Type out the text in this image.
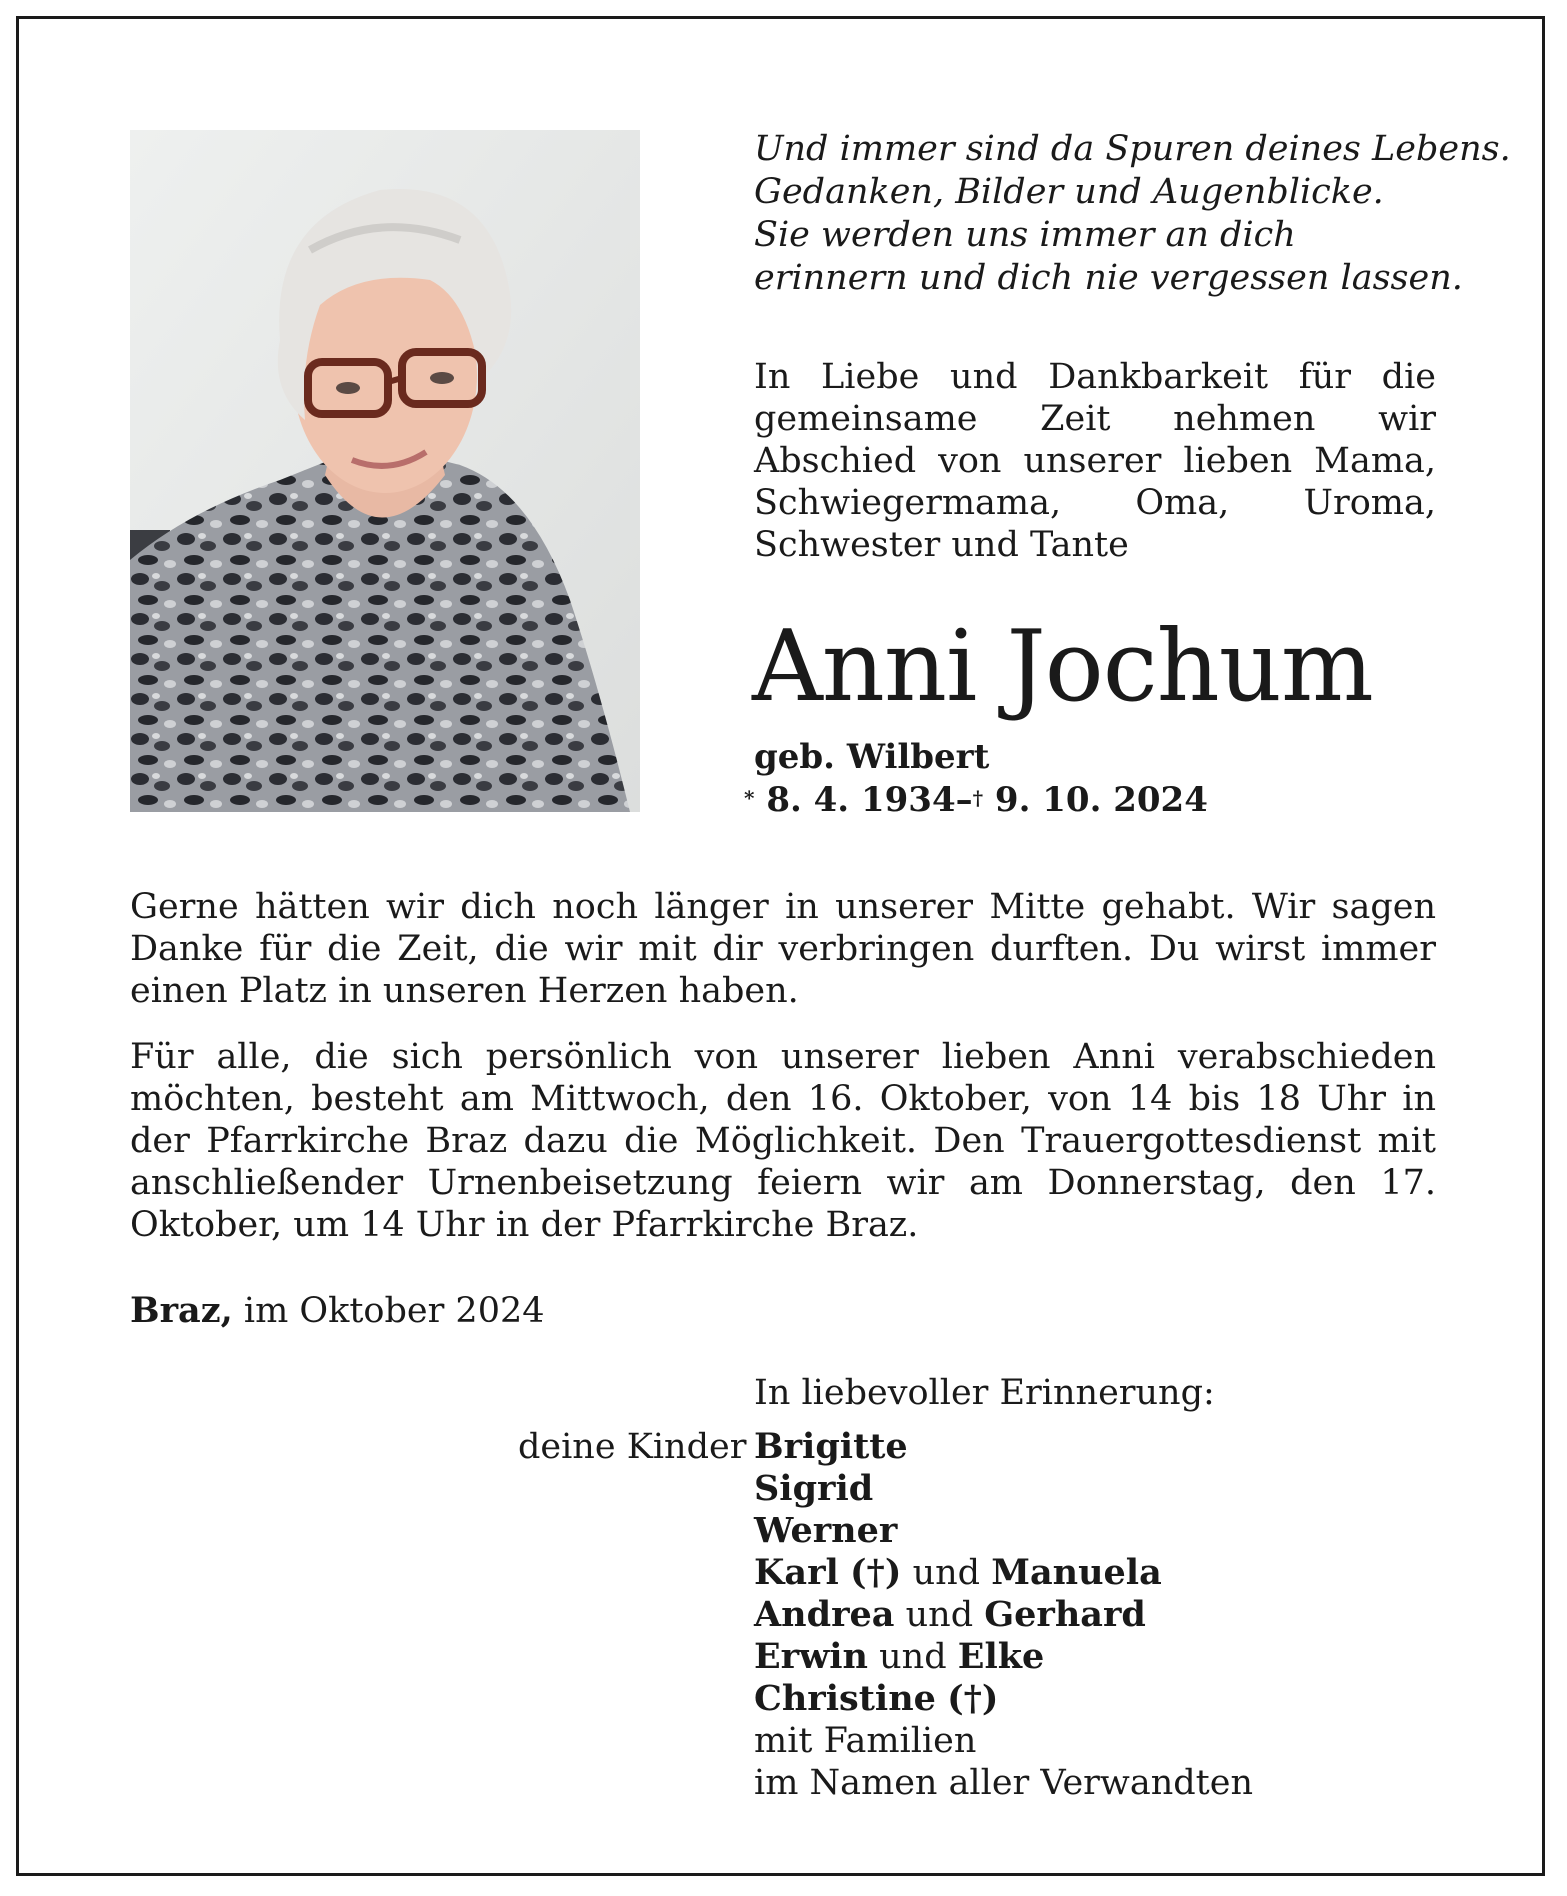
Und immer sind da Spuren deines Lebens.
Gedanken, Bilder und Augenblicke.
Sie werden uns immer an dich
erinnern und dich nie vergessen lassen.
In Liebe und Dankbarkeit für die gemeinsame Zeit nehmen wir Abschied von unserer lieben Mama, Schwiegermama, Oma, Uroma, Schwester und Tante
Anni Jochum
geb. Wilbert
* 8. 4. 1934–† 9. 10. 2024
Gerne hätten wir dich noch länger in unserer Mitte gehabt. Wir sagen Danke für die Zeit, die wir mit dir verbringen durften. Du wirst immer einen Platz in unseren Herzen haben.
Für alle, die sich persönlich von unserer lieben Anni verabschieden möchten, besteht am Mittwoch, den 16. Oktober, von 14 bis 18 Uhr in der Pfarrkirche Braz dazu die Möglichkeit. Den Trauergottesdienst mit anschließender Urnenbeisetzung feiern wir am Donnerstag, den 17. Oktober, um 14 Uhr in der Pfarrkirche Braz.
Braz, im Oktober 2024
In liebevoller Erinnerung:
deine Kinder Brigitte
Sigrid
Werner
Karl (†) und Manuela
Andrea und Gerhard
Erwin und Elke
Christine (†)
mit Familien
im Namen aller Verwandten
